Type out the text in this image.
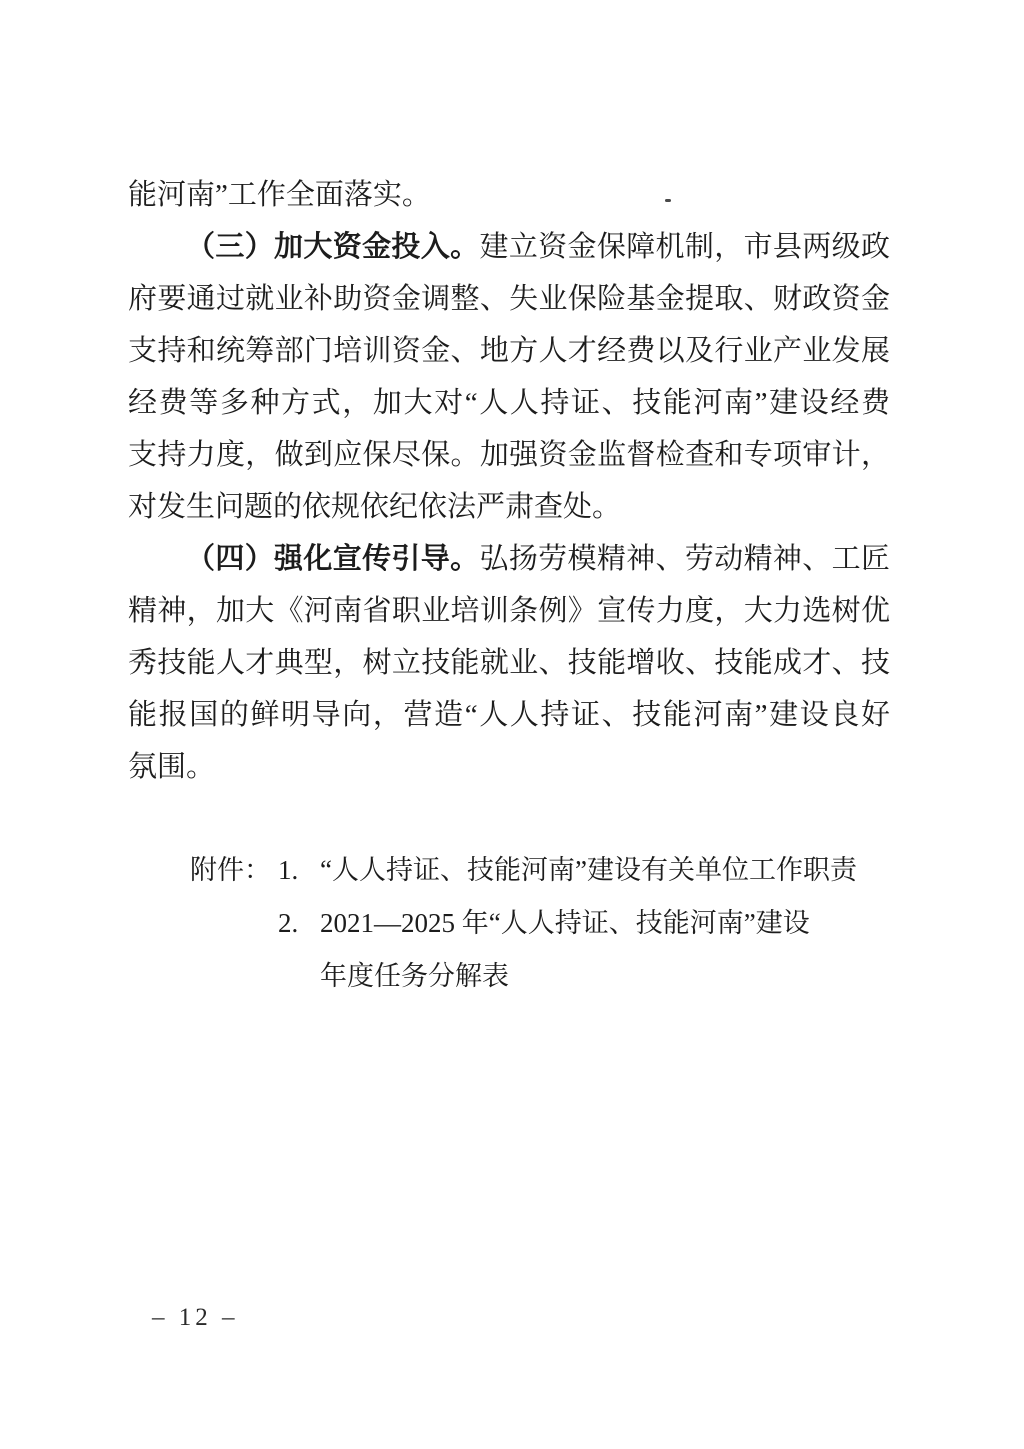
能河南”工作全面落实。
（三）加大资金投入。建立资金保障机制，市县两级政
府要通过就业补助资金调整、失业保险基金提取、财政资金
支持和统筹部门培训资金、地方人才经费以及行业产业发展
经费等多种方式，加大对“人人持证、技能河南”建设经费
支持力度，做到应保尽保。加强资金监督检查和专项审计，
对发生问题的依规依纪依法严肃查处。
（四）强化宣传引导。弘扬劳模精神、劳动精神、工匠
精神，加大《河南省职业培训条例》宣传力度，大力选树优
秀技能人才典型，树立技能就业、技能增收、技能成才、技
能报国的鲜明导向，营造“人人持证、技能河南”建设良好
氛围。
附件： 1. “人人持证、技能河南”建设有关单位工作职责
2. 2021—2025 年“人人持证、技能河南”建设
年度任务分解表
– 12 –
